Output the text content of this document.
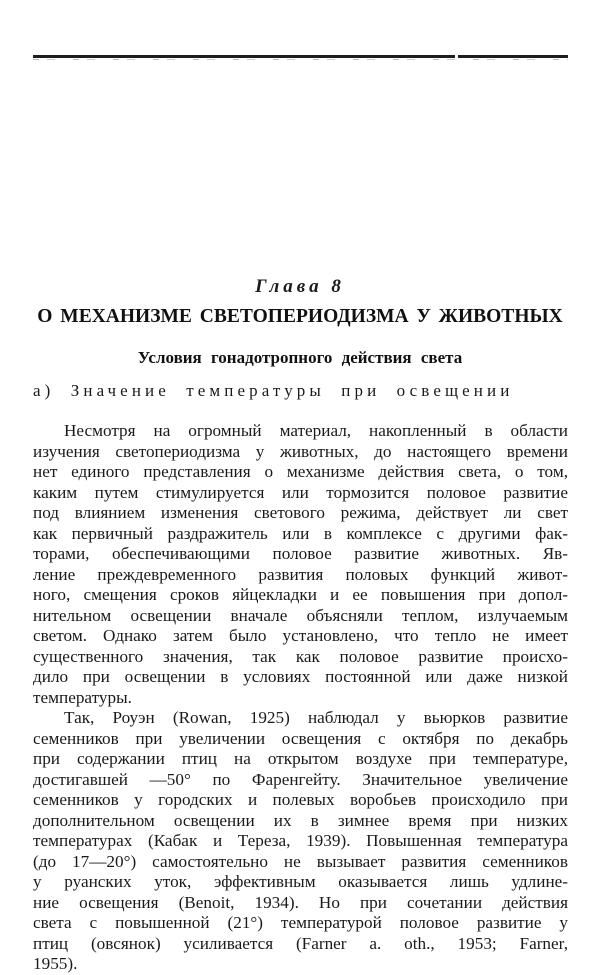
Глава 8
О МЕХАНИЗМЕ СВЕТОПЕРИОДИЗМА У ЖИВОТНЫХ
Условия гонадотропного действия света
а) Значение температуры при освещении
Несмотря на огромный материал, накопленный в области
изучения светопериодизма у животных, до настоящего времени
нет единого представления о механизме действия света, о том,
каким путем стимулируется или тормозится половое развитие
под влиянием изменения светового режима, действует ли свет
как первичный раздражитель или в комплексе с другими фак-
торами, обеспечивающими половое развитие животных. Яв-
ление преждевременного развития половых функций живот-
ного, смещения сроков яйцекладки и ее повышения при допол-
нительном освещении вначале объясняли теплом, излучаемым
светом. Однако затем было установлено, что тепло не имеет
существенного значения, так как половое развитие происхо-
дило при освещении в условиях постоянной или даже низкой
температуры.
Так, Роуэн (Rowan, 1925) наблюдал у вьюрков развитие
семенников при увеличении освещения с октября по декабрь
при содержании птиц на открытом воздухе при температуре,
достигавшей —50° по Фаренгейту. Значительное увеличение
семенников у городских и полевых воробьев происходило при
дополнительном освещении их в зимнее время при низких
температурах (Кабак и Тереза, 1939). Повышенная температура
(до 17—20°) самостоятельно не вызывает развития семенников
у руанских уток, эффективным оказывается лишь удлине-
ние освещения (Benoit, 1934). Но при сочетании действия
света с повышенной (21°) температурой половое развитие у
птиц (овсянок) усиливается (Farner a. oth., 1953; Farner,
1955).
